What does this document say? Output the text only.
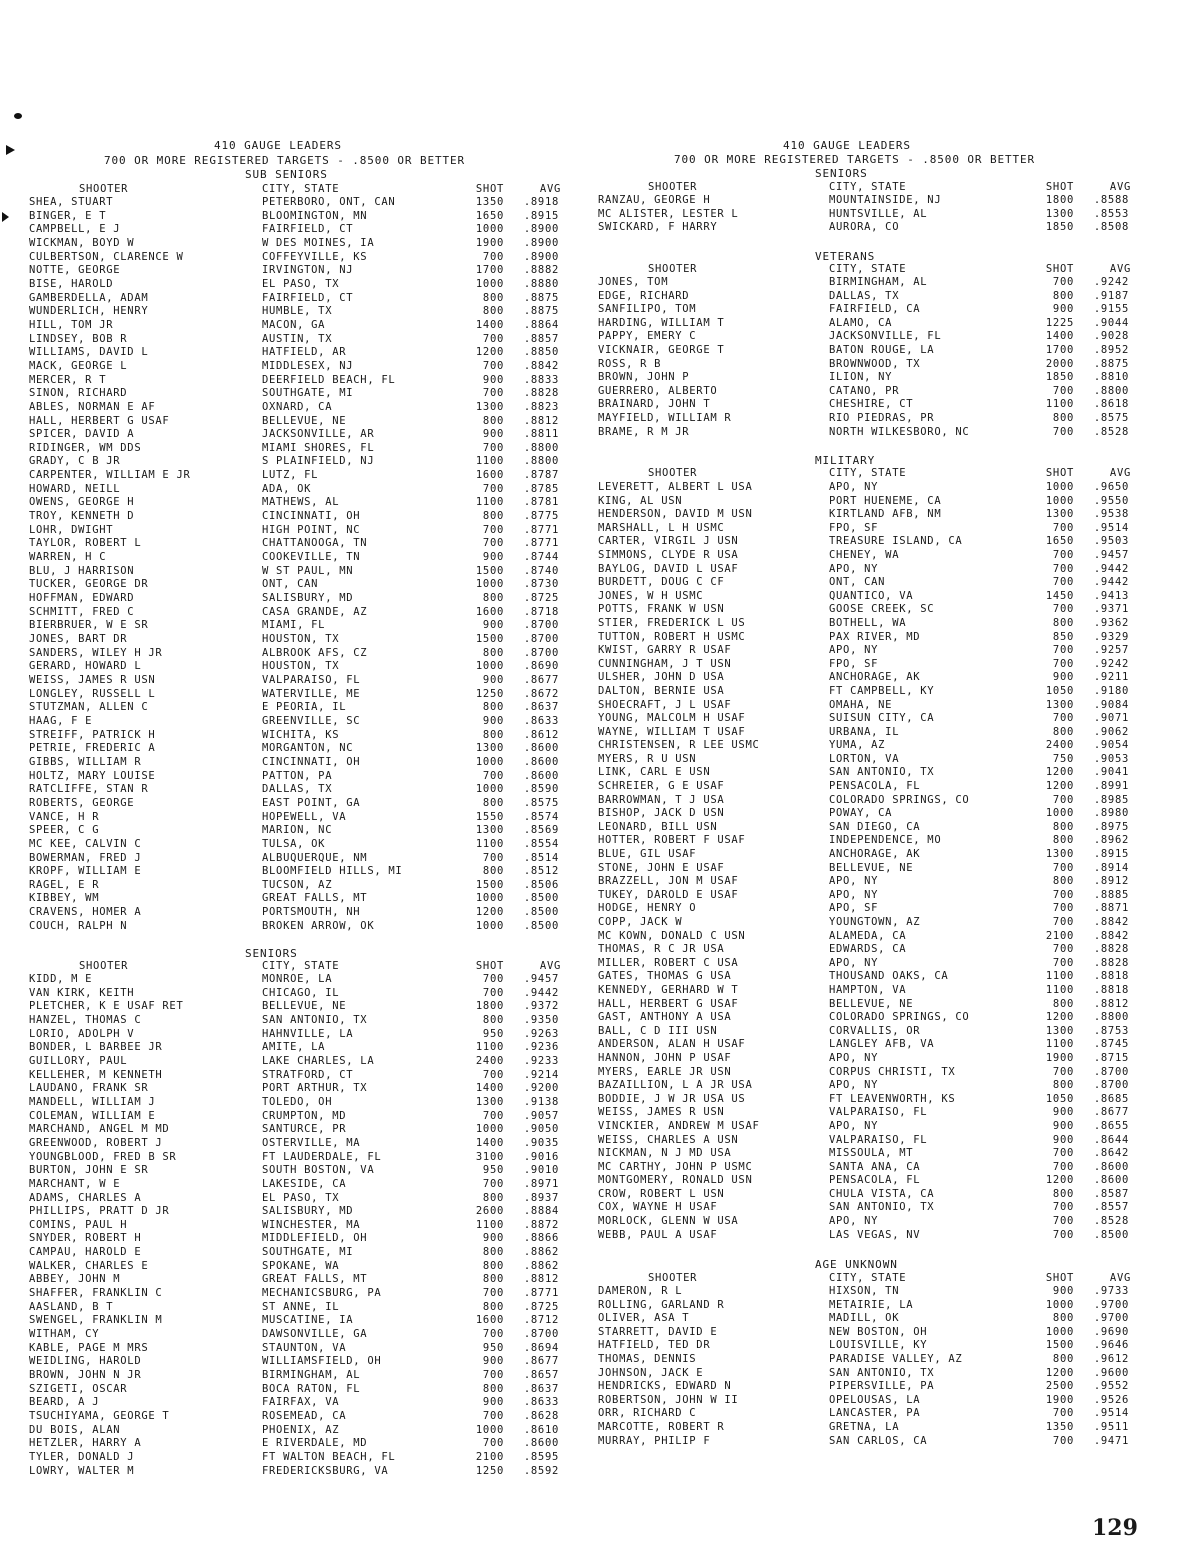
410 GAUGE LEADERS
700 OR MORE REGISTERED TARGETS - .8500 OR BETTER
SUB SENIORS
SHOOTER	CITY, STATE	SHOT	AVG
SHEA, STUART	PETERBORO, ONT, CAN	1350	.8918
BINGER, E T	BLOOMINGTON, MN	1650	.8915
CAMPBELL, E J	FAIRFIELD, CT	1000	.8900
WICKMAN, BOYD W	W DES MOINES, IA	1900	.8900
CULBERTSON, CLARENCE W	COFFEYVILLE, KS	700	.8900
NOTTE, GEORGE	IRVINGTON, NJ	1700	.8882
BISE, HAROLD	EL PASO, TX	1000	.8880
GAMBERDELLA, ADAM	FAIRFIELD, CT	800	.8875
WUNDERLICH, HENRY	HUMBLE, TX	800	.8875
HILL, TOM JR	MACON, GA	1400	.8864
LINDSEY, BOB R	AUSTIN, TX	700	.8857
WILLIAMS, DAVID L	HATFIELD, AR	1200	.8850
MACK, GEORGE L	MIDDLESEX, NJ	700	.8842
MERCER, R T	DEERFIELD BEACH, FL	900	.8833
SINON, RICHARD	SOUTHGATE, MI	700	.8828
ABLES, NORMAN E AF	OXNARD, CA	1300	.8823
HALL, HERBERT G USAF	BELLEVUE, NE	800	.8812
SPICER, DAVID A	JACKSONVILLE, AR	900	.8811
RIDINGER, WM DDS	MIAMI SHORES, FL	700	.8800
GRADY, C B JR	S PLAINFIELD, NJ	1100	.8800
CARPENTER, WILLIAM E JR	LUTZ, FL	1600	.8787
HOWARD, NEILL	ADA, OK	700	.8785
OWENS, GEORGE H	MATHEWS, AL	1100	.8781
TROY, KENNETH D	CINCINNATI, OH	800	.8775
LOHR, DWIGHT	HIGH POINT, NC	700	.8771
TAYLOR, ROBERT L	CHATTANOOGA, TN	700	.8771
WARREN, H C	COOKEVILLE, TN	900	.8744
BLU, J HARRISON	W ST PAUL, MN	1500	.8740
TUCKER, GEORGE DR	ONT, CAN	1000	.8730
HOFFMAN, EDWARD	SALISBURY, MD	800	.8725
SCHMITT, FRED C	CASA GRANDE, AZ	1600	.8718
BIERBRUER, W E SR	MIAMI, FL	900	.8700
JONES, BART DR	HOUSTON, TX	1500	.8700
SANDERS, WILEY H JR	ALBROOK AFS, CZ	800	.8700
GERARD, HOWARD L	HOUSTON, TX	1000	.8690
WEISS, JAMES R USN	VALPARAISO, FL	900	.8677
LONGLEY, RUSSELL L	WATERVILLE, ME	1250	.8672
STUTZMAN, ALLEN C	E PEORIA, IL	800	.8637
HAAG, F E	GREENVILLE, SC	900	.8633
STREIFF, PATRICK H	WICHITA, KS	800	.8612
PETRIE, FREDERIC A	MORGANTON, NC	1300	.8600
GIBBS, WILLIAM R	CINCINNATI, OH	1000	.8600
HOLTZ, MARY LOUISE	PATTON, PA	700	.8600
RATCLIFFE, STAN R	DALLAS, TX	1000	.8590
ROBERTS, GEORGE	EAST POINT, GA	800	.8575
VANCE, H R	HOPEWELL, VA	1550	.8574
SPEER, C G	MARION, NC	1300	.8569
MC KEE, CALVIN C	TULSA, OK	1100	.8554
BOWERMAN, FRED J	ALBUQUERQUE, NM	700	.8514
KROPF, WILLIAM E	BLOOMFIELD HILLS, MI	800	.8512
RAGEL, E R	TUCSON, AZ	1500	.8506
KIBBEY, WM	GREAT FALLS, MT	1000	.8500
CRAVENS, HOMER A	PORTSMOUTH, NH	1200	.8500
COUCH, RALPH N	BROKEN ARROW, OK	1000	.8500
SENIORS
SHOOTER	CITY, STATE	SHOT	AVG
KIDD, M E	MONROE, LA	700	.9457
VAN KIRK, KEITH	CHICAGO, IL	700	.9442
PLETCHER, K E USAF RET	BELLEVUE, NE	1800	.9372
HANZEL, THOMAS C	SAN ANTONIO, TX	800	.9350
LORIO, ADOLPH V	HAHNVILLE, LA	950	.9263
BONDER, L BARBEE JR	AMITE, LA	1100	.9236
GUILLORY, PAUL	LAKE CHARLES, LA	2400	.9233
KELLEHER, M KENNETH	STRATFORD, CT	700	.9214
LAUDANO, FRANK SR	PORT ARTHUR, TX	1400	.9200
MANDELL, WILLIAM J	TOLEDO, OH	1300	.9138
COLEMAN, WILLIAM E	CRUMPTON, MD	700	.9057
MARCHAND, ANGEL M MD	SANTURCE, PR	1000	.9050
GREENWOOD, ROBERT J	OSTERVILLE, MA	1400	.9035
YOUNGBLOOD, FRED B SR	FT LAUDERDALE, FL	3100	.9016
BURTON, JOHN E SR	SOUTH BOSTON, VA	950	.9010
MARCHANT, W E	LAKESIDE, CA	700	.8971
ADAMS, CHARLES A	EL PASO, TX	800	.8937
PHILLIPS, PRATT D JR	SALISBURY, MD	2600	.8884
COMINS, PAUL H	WINCHESTER, MA	1100	.8872
SNYDER, ROBERT H	MIDDLEFIELD, OH	900	.8866
CAMPAU, HAROLD E	SOUTHGATE, MI	800	.8862
WALKER, CHARLES E	SPOKANE, WA	800	.8862
ABBEY, JOHN M	GREAT FALLS, MT	800	.8812
SHAFFER, FRANKLIN C	MECHANICSBURG, PA	700	.8771
AASLAND, B T	ST ANNE, IL	800	.8725
SWENGEL, FRANKLIN M	MUSCATINE, IA	1600	.8712
WITHAM, CY	DAWSONVILLE, GA	700	.8700
KABLE, PAGE M MRS	STAUNTON, VA	950	.8694
WEIDLING, HAROLD	WILLIAMSFIELD, OH	900	.8677
BROWN, JOHN N JR	BIRMINGHAM, AL	700	.8657
SZIGETI, OSCAR	BOCA RATON, FL	800	.8637
BEARD, A J	FAIRFAX, VA	900	.8633
TSUCHIYAMA, GEORGE T	ROSEMEAD, CA	700	.8628
DU BOIS, ALAN	PHOENIX, AZ	1000	.8610
HETZLER, HARRY A	E RIVERDALE, MD	700	.8600
TYLER, DONALD J	FT WALTON BEACH, FL	2100	.8595
LOWRY, WALTER M	FREDERICKSBURG, VA	1250	.8592
410 GAUGE LEADERS
700 OR MORE REGISTERED TARGETS - .8500 OR BETTER
SENIORS
SHOOTER	CITY, STATE	SHOT	AVG
RANZAU, GEORGE H	MOUNTAINSIDE, NJ	1800	.8588
MC ALISTER, LESTER L	HUNTSVILLE, AL	1300	.8553
SWICKARD, F HARRY	AURORA, CO	1850	.8508
VETERANS
SHOOTER	CITY, STATE	SHOT	AVG
JONES, TOM	BIRMINGHAM, AL	700	.9242
EDGE, RICHARD	DALLAS, TX	800	.9187
SANFILIPO, TOM	FAIRFIELD, CA	900	.9155
HARDING, WILLIAM T	ALAMO, CA	1225	.9044
PAPPY, EMERY C	JACKSONVILLE, FL	1400	.9028
VICKNAIR, GEORGE T	BATON ROUGE, LA	1700	.8952
ROSS, R B	BROWNWOOD, TX	2000	.8875
BROWN, JOHN P	ILION, NY	1850	.8810
GUERRERO, ALBERTO	CATANO, PR	700	.8800
BRAINARD, JOHN T	CHESHIRE, CT	1100	.8618
MAYFIELD, WILLIAM R	RIO PIEDRAS, PR	800	.8575
BRAME, R M JR	NORTH WILKESBORO, NC	700	.8528
MILITARY
SHOOTER	CITY, STATE	SHOT	AVG
LEVERETT, ALBERT L USA	APO, NY	1000	.9650
KING, AL USN	PORT HUENEME, CA	1000	.9550
HENDERSON, DAVID M USN	KIRTLAND AFB, NM	1300	.9538
MARSHALL, L H USMC	FPO, SF	700	.9514
CARTER, VIRGIL J USN	TREASURE ISLAND, CA	1650	.9503
SIMMONS, CLYDE R USA	CHENEY, WA	700	.9457
BAYLOG, DAVID L USAF	APO, NY	700	.9442
BURDETT, DOUG C CF	ONT, CAN	700	.9442
JONES, W H USMC	QUANTICO, VA	1450	.9413
POTTS, FRANK W USN	GOOSE CREEK, SC	700	.9371
STIER, FREDERICK L US	BOTHELL, WA	800	.9362
TUTTON, ROBERT H USMC	PAX RIVER, MD	850	.9329
KWIST, GARRY R USAF	APO, NY	700	.9257
CUNNINGHAM, J T USN	FPO, SF	700	.9242
ULSHER, JOHN D USA	ANCHORAGE, AK	900	.9211
DALTON, BERNIE USA	FT CAMPBELL, KY	1050	.9180
SHOECRAFT, J L USAF	OMAHA, NE	1300	.9084
YOUNG, MALCOLM H USAF	SUISUN CITY, CA	700	.9071
WAYNE, WILLIAM T USAF	URBANA, IL	800	.9062
CHRISTENSEN, R LEE USMC	YUMA, AZ	2400	.9054
MYERS, R U USN	LORTON, VA	750	.9053
LINK, CARL E USN	SAN ANTONIO, TX	1200	.9041
SCHREIER, G E USAF	PENSACOLA, FL	1200	.8991
BARROWMAN, T J USA	COLORADO SPRINGS, CO	700	.8985
BISHOP, JACK D USN	POWAY, CA	1000	.8980
LEONARD, BILL USN	SAN DIEGO, CA	800	.8975
HOTTER, ROBERT F USAF	INDEPENDENCE, MO	800	.8962
BLUE, GIL USAF	ANCHORAGE, AK	1300	.8915
STONE, JOHN E USAF	BELLEVUE, NE	700	.8914
BRAZZELL, JON M USAF	APO, NY	800	.8912
TUKEY, DAROLD E USAF	APO, NY	700	.8885
HODGE, HENRY O	APO, SF	700	.8871
COPP, JACK W	YOUNGTOWN, AZ	700	.8842
MC KOWN, DONALD C USN	ALAMEDA, CA	2100	.8842
THOMAS, R C JR USA	EDWARDS, CA	700	.8828
MILLER, ROBERT C USA	APO, NY	700	.8828
GATES, THOMAS G USA	THOUSAND OAKS, CA	1100	.8818
KENNEDY, GERHARD W T	HAMPTON, VA	1100	.8818
HALL, HERBERT G USAF	BELLEVUE, NE	800	.8812
GAST, ANTHONY A USA	COLORADO SPRINGS, CO	1200	.8800
BALL, C D III USN	CORVALLIS, OR	1300	.8753
ANDERSON, ALAN H USAF	LANGLEY AFB, VA	1100	.8745
HANNON, JOHN P USAF	APO, NY	1900	.8715
MYERS, EARLE JR USN	CORPUS CHRISTI, TX	700	.8700
BAZAILLION, L A JR USA	APO, NY	800	.8700
BODDIE, J W JR USA US	FT LEAVENWORTH, KS	1050	.8685
WEISS, JAMES R USN	VALPARAISO, FL	900	.8677
VINCKIER, ANDREW M USAF	APO, NY	900	.8655
WEISS, CHARLES A USN	VALPARAISO, FL	900	.8644
NICKMAN, N J MD USA	MISSOULA, MT	700	.8642
MC CARTHY, JOHN P USMC	SANTA ANA, CA	700	.8600
MONTGOMERY, RONALD USN	PENSACOLA, FL	1200	.8600
CROW, ROBERT L USN	CHULA VISTA, CA	800	.8587
COX, WAYNE H USAF	SAN ANTONIO, TX	700	.8557
MORLOCK, GLENN W USA	APO, NY	700	.8528
WEBB, PAUL A USAF	LAS VEGAS, NV	700	.8500
AGE UNKNOWN
SHOOTER	CITY, STATE	SHOT	AVG
DAMERON, R L	HIXSON, TN	900	.9733
ROLLING, GARLAND R	METAIRIE, LA	1000	.9700
OLIVER, ASA T	MADILL, OK	800	.9700
STARRETT, DAVID E	NEW BOSTON, OH	1000	.9690
HATFIELD, TED DR	LOUISVILLE, KY	1500	.9646
THOMAS, DENNIS	PARADISE VALLEY, AZ	800	.9612
JOHNSON, JACK E	SAN ANTONIO, TX	1200	.9600
HENDRICKS, EDWARD N	PIPERSVILLE, PA	2500	.9552
ROBERTSON, JOHN W II	OPELOUSAS, LA	1900	.9526
ORR, RICHARD C	LANCASTER, PA	700	.9514
MARCOTTE, ROBERT R	GRETNA, LA	1350	.9511
MURRAY, PHILIP F	SAN CARLOS, CA	700	.9471
129
